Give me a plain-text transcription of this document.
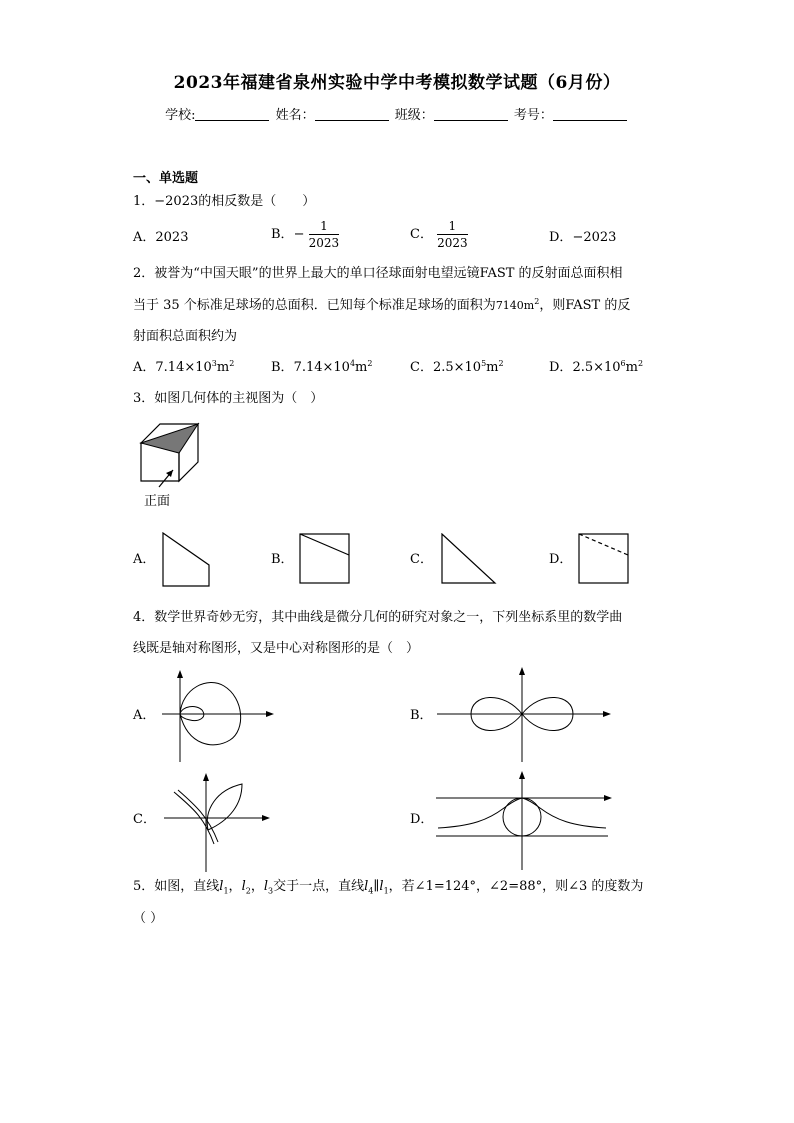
2023年福建省泉州实验中学中考模拟数学试题（6月份）
学校:	姓名：	班级：	考号：
一、单选题
1．−2023的相反数是（　　）
A．2023	B．− $\frac{1}{2023}$	C． $\frac{1}{2023}$	D．−2023
2．被誉为“中国天眼”的世界上最大的单口径球面射电望远镜FAST 的反射面总面积相
当于 35 个标准足球场的总面积．已知每个标准足球场的面积为$7140m^2$，则FAST 的反
射面积总面积约为
A．$7.14\times 10^3m^2$	B．$7.14\times 10^4m^2$	C．$2.5\times 10^5m^2$	D．$2.5\times 10^6m^2$
3．如图几何体的主视图为（　）
正面
A．	B．	C．	D．
4．数学世界奇妙无穷，其中曲线是微分几何的研究对象之一，下列坐标系里的数学曲
线既是轴对称图形，又是中心对称图形的是（　）
A．	B．
C．	D．
5．如图，直线$l_1$，$l_2$，$l_3$交于一点，直线$l_4\parallel l_1$，若∠1=124°，∠2=88°，则∠3 的度数为
（ ）
